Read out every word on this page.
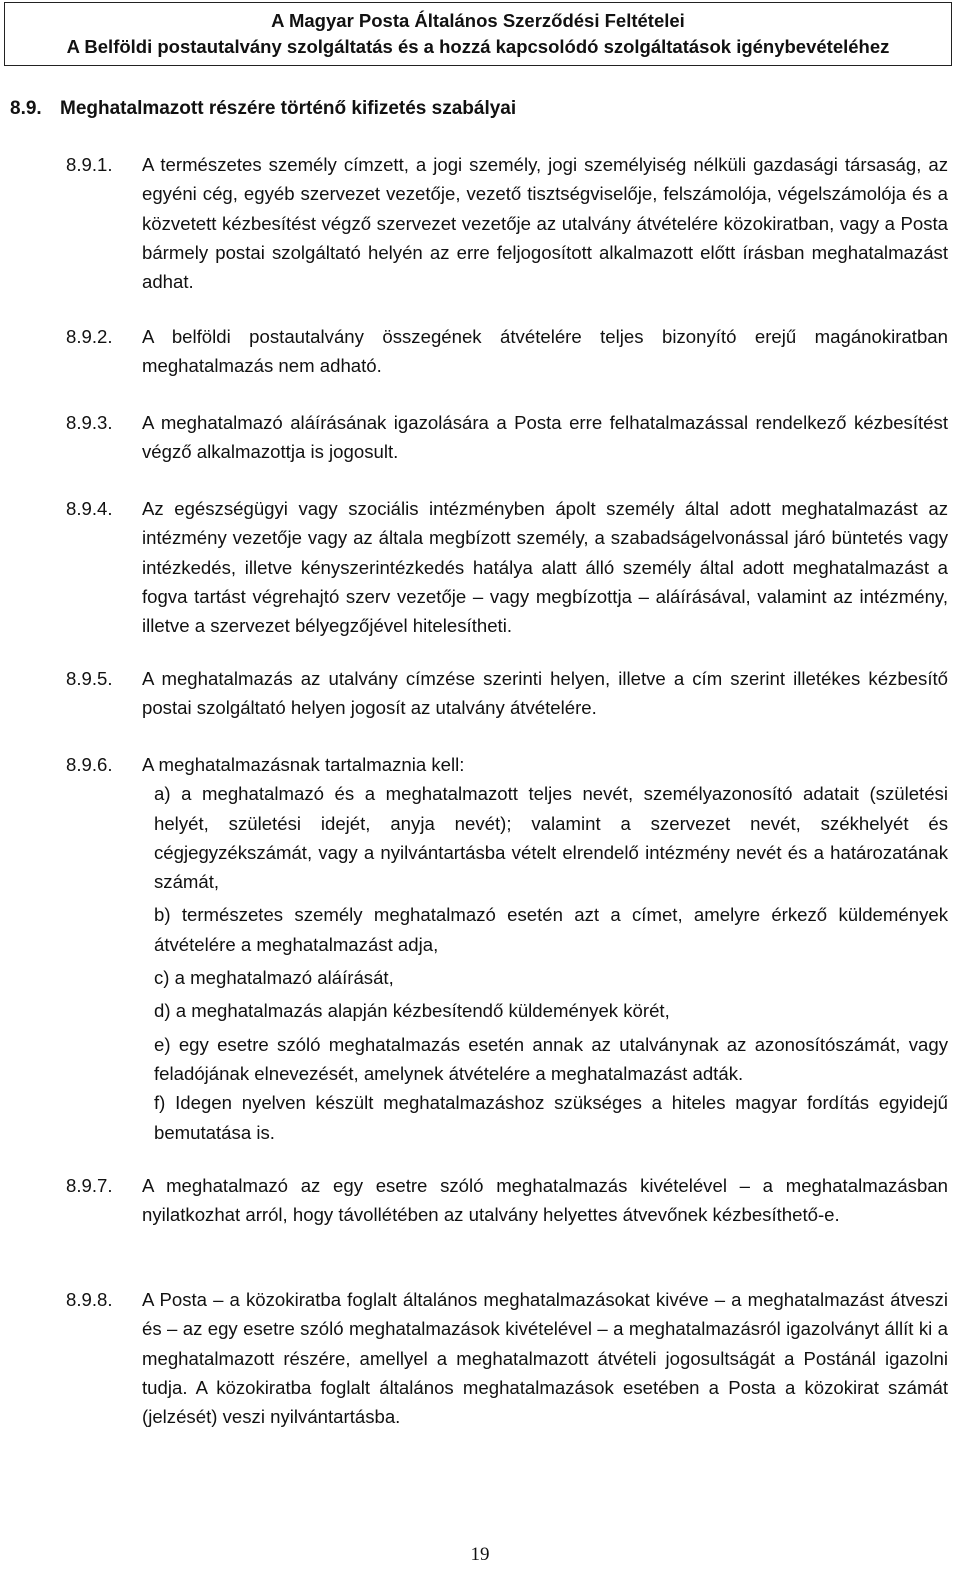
A Magyar Posta Általános Szerződési Feltételei
A Belföldi postautalvány szolgáltatás és a hozzá kapcsolódó szolgáltatások igénybevételéhez
8.9. Meghatalmazott részére történő kifizetés szabályai
8.9.1. A természetes személy címzett, a jogi személy, jogi személyiség nélküli gazdasági társaság, az egyéni cég, egyéb szervezet vezetője, vezető tisztségviselője, felszámolója, végelszámolója és a közvetett kézbesítést végző szervezet vezetője az utalvány átvételére közokiratban, vagy a Posta bármely postai szolgáltató helyén az erre feljogosított alkalmazott előtt írásban meghatalmazást adhat.
8.9.2. A belföldi postautalvány összegének átvételére teljes bizonyító erejű magánokiratban meghatalmazás nem adható.
8.9.3. A meghatalmazó aláírásának igazolására a Posta erre felhatalmazással rendelkező kézbesítést végző alkalmazottja is jogosult.
8.9.4. Az egészségügyi vagy szociális intézményben ápolt személy által adott meghatalmazást az intézmény vezetője vagy az általa megbízott személy, a szabadságelvonással járó büntetés vagy intézkedés, illetve kényszerintézkedés hatálya alatt álló személy által adott meghatalmazást a fogva tartást végrehajtó szerv vezetője – vagy megbízottja – aláírásával, valamint az intézmény, illetve a szervezet bélyegzőjével hitelesítheti.
8.9.5. A meghatalmazás az utalvány címzése szerinti helyen, illetve a cím szerint illetékes kézbesítő postai szolgáltató helyen jogosít az utalvány átvételére.
8.9.6. A meghatalmazásnak tartalmaznia kell:
a) a meghatalmazó és a meghatalmazott teljes nevét, személyazonosító adatait (születési helyét, születési idejét, anyja nevét); valamint a szervezet nevét, székhelyét és cégjegyzékszámát, vagy a nyilvántartásba vételt elrendelő intézmény nevét és a határozatának számát,
b) természetes személy meghatalmazó esetén azt a címet, amelyre érkező küldemények átvételére a meghatalmazást adja,
c) a meghatalmazó aláírását,
d) a meghatalmazás alapján kézbesítendő küldemények körét,
e) egy esetre szóló meghatalmazás esetén annak az utalványnak az azonosítószámát, vagy feladójának elnevezését, amelynek átvételére a meghatalmazást adták.
f) Idegen nyelven készült meghatalmazáshoz szükséges a hiteles magyar fordítás egyidejű bemutatása is.
8.9.7. A meghatalmazó az egy esetre szóló meghatalmazás kivételével – a meghatalmazásban nyilatkozhat arról, hogy távollétében az utalvány helyettes átvevőnek kézbesíthető-e.
8.9.8. A Posta – a közokiratba foglalt általános meghatalmazásokat kivéve – a meghatalmazást átveszi és – az egy esetre szóló meghatalmazások kivételével – a meghatalmazásról igazolványt állít ki a meghatalmazott részére, amellyel a meghatalmazott átvételi jogosultságát a Postánál igazolni tudja. A közokiratba foglalt általános meghatalmazások esetében a Posta a közokirat számát (jelzését) veszi nyilvántartásba.
19
